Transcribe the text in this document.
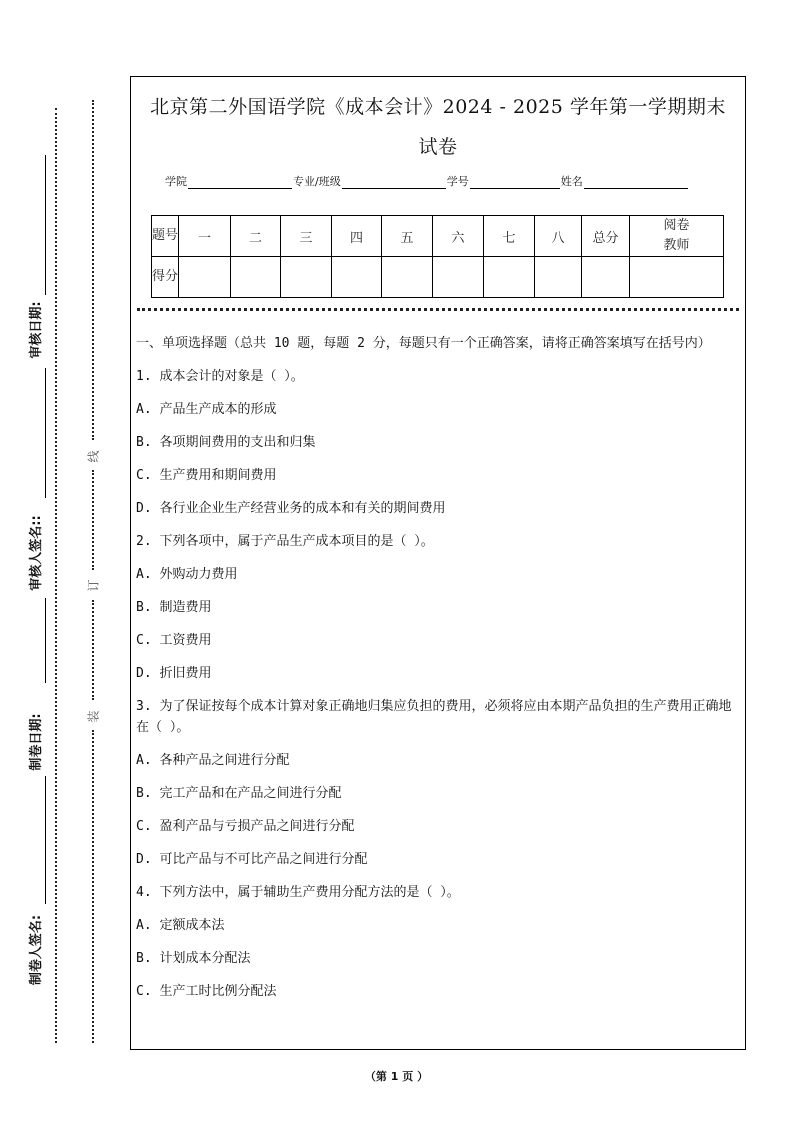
审核日期:
审核人签名::
制卷日期:
制卷人签名:
线
订
装
北京第二外国语学院《成本会计》2024 - 2025 学年第一学期期末
试卷
学院	专业/班级	学号	姓名
题号	一	二	三	四	五	六	七	八	总分	阅卷教师
得分										

一、单项选择题（总共 10 题，每题 2 分，每题只有一个正确答案，请将正确答案填写在括号内）

1. 成本会计的对象是（ ）。

A. 产品生产成本的形成

B. 各项期间费用的支出和归集

C. 生产费用和期间费用

D. 各行业企业生产经营业务的成本和有关的期间费用

2. 下列各项中，属于产品生产成本项目的是（ ）。

A. 外购动力费用

B. 制造费用

C. 工资费用

D. 折旧费用

3. 为了保证按每个成本计算对象正确地归集应负担的费用，必须将应由本期产品负担的生产费用正确地在（ ）。

A. 各种产品之间进行分配

B. 完工产品和在产品之间进行分配

C. 盈利产品与亏损产品之间进行分配

D. 可比产品与不可比产品之间进行分配

4. 下列方法中，属于辅助生产费用分配方法的是（ ）。

A. 定额成本法

B. 计划成本分配法

C. 生产工时比例分配法

（第 1 页 ）
